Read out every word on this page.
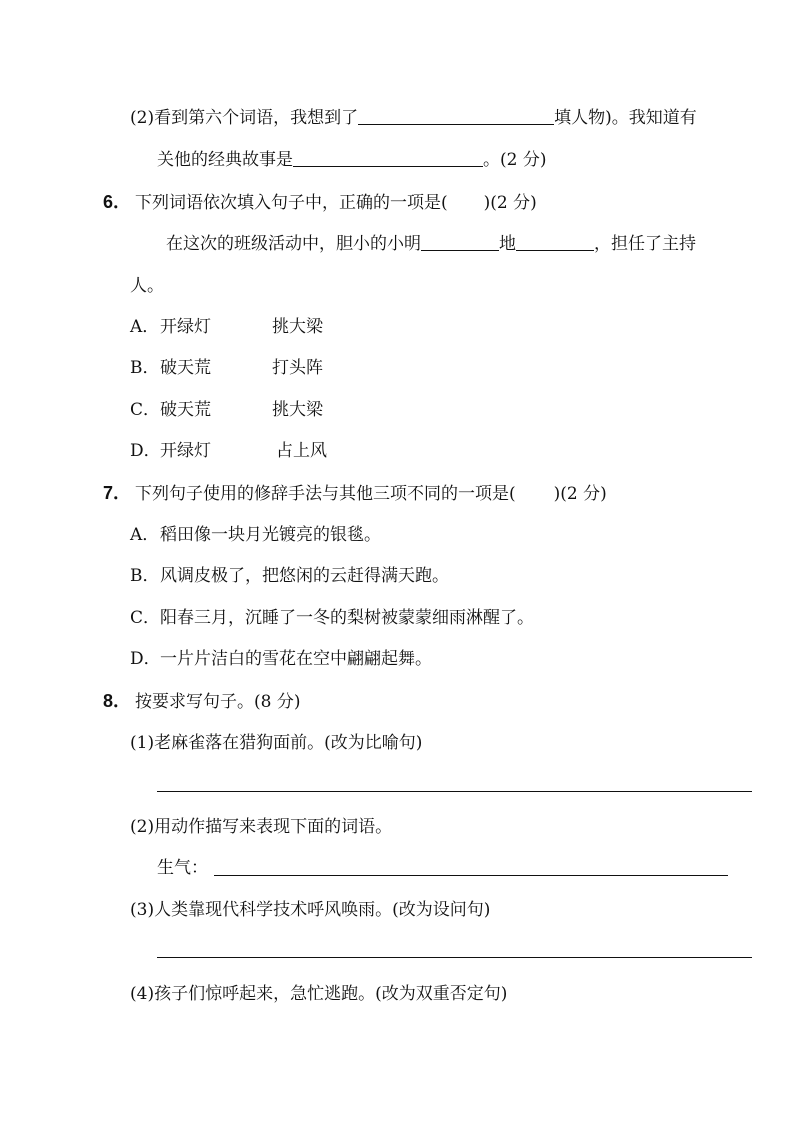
(2)看到第六个词语，我想到了	填人物)。我知道有
关他的经典故事是	。(2 分)
6． 下列词语依次填入句子中，正确的一项是( )(2 分)
在这次的班级活动中，胆小的小明	地	，担任了主持
人。
A．开绿灯	挑大梁
B．破天荒	打头阵
C．破天荒	挑大梁
D．开绿灯	占上风
7． 下列句子使用的修辞手法与其他三项不同的一项是( )(2 分)
A．稻田像一块月光镀亮的银毯。
B．风调皮极了，把悠闲的云赶得满天跑。
C．阳春三月，沉睡了一冬的梨树被蒙蒙细雨淋醒了。
D．一片片洁白的雪花在空中翩翩起舞。
8． 按要求写句子。(8 分)
(1)老麻雀落在猎狗面前。(改为比喻句)
(2)用动作描写来表现下面的词语。
生气：
(3)人类靠现代科学技术呼风唤雨。(改为设问句)
(4)孩子们惊呼起来，急忙逃跑。(改为双重否定句)
